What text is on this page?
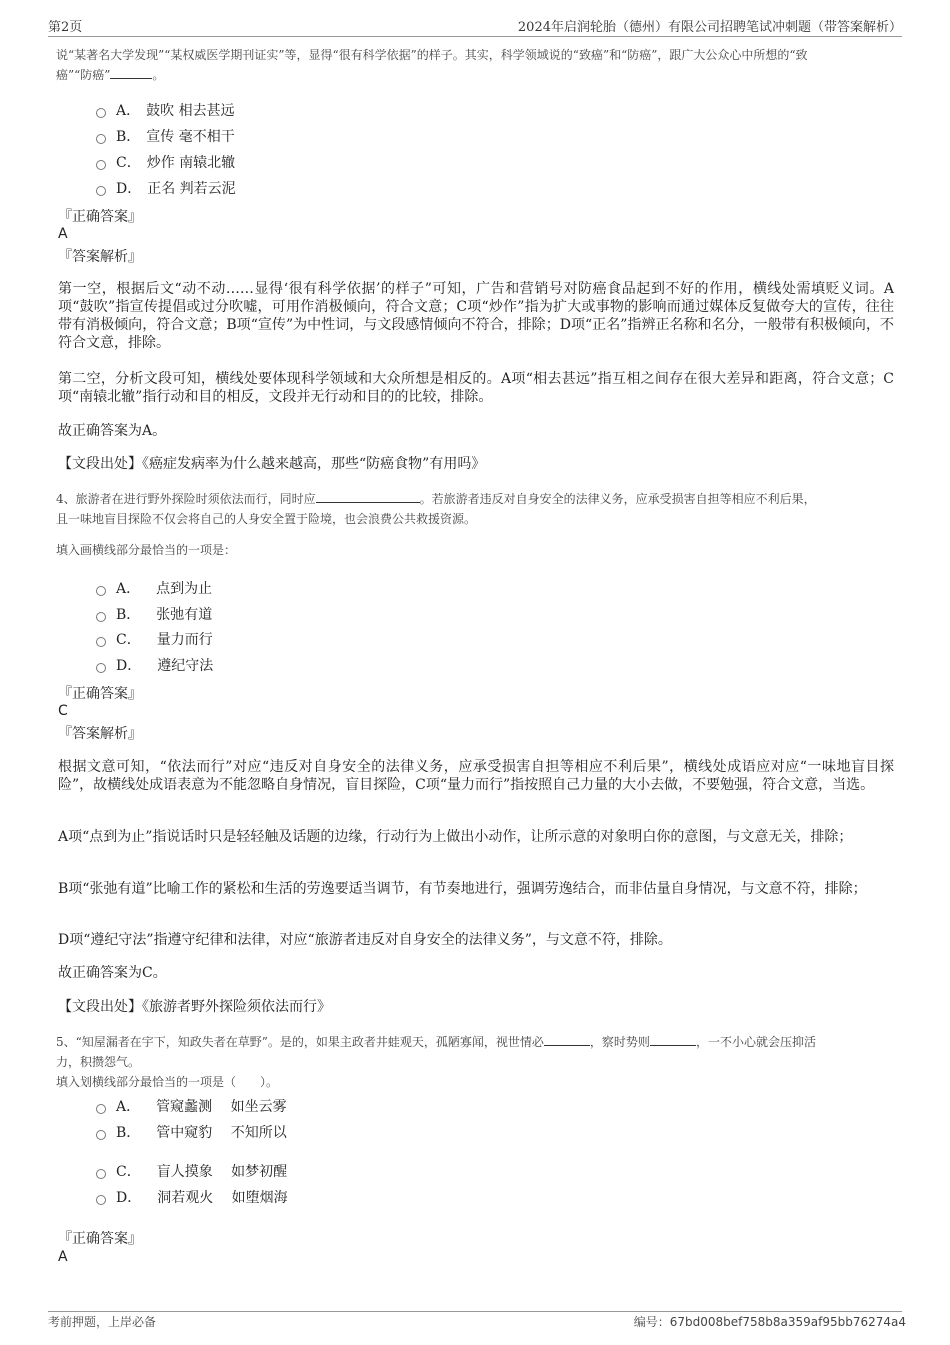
第2页	2024年启润轮胎（德州）有限公司招聘笔试冲刺题（带答案解析）
说“某著名大学发现”“某权威医学期刊证实”等，显得“很有科学依据”的样子。其实，科学领域说的“致癌”和“防癌”，跟广大公众心中所想的“致
癌”“防癌”	。
A． 鼓吹 相去甚远
B． 宣传 毫不相干
C． 炒作 南辕北辙
D． 正名 判若云泥
『正确答案』
A
『答案解析』
第一空，根据后文“动不动……显得‘很有科学依据’的样子”可知，广告和营销号对防癌食品起到不好的作用，横线处需填贬义词。A项“鼓吹”指宣传提倡或过分吹嘘，可用作消极倾向，符合文意；C项“炒作”指为扩大或事物的影响而通过媒体反复做夸大的宣传，往往带有消极倾向，符合文意；B项“宣传”为中性词，与文段感情倾向不符合，排除；D项“正名”指辨正名称和名分，一般带有积极倾向，不符合文意，排除。
第二空，分析文段可知，横线处要体现科学领域和大众所想是相反的。A项“相去甚远”指互相之间存在很大差异和距离，符合文意；C项“南辕北辙”指行动和目的相反，文段并无行动和目的的比较，排除。
故正确答案为A。
【文段出处】《癌症发病率为什么越来越高，那些“防癌食物”有用吗》
4、旅游者在进行野外探险时须依法而行，同时应	。若旅游者违反对自身安全的法律义务，应承受损害自担等相应不利后果，
且一味地盲目探险不仅会将自己的人身安全置于险境，也会浪费公共救援资源。
填入画横线部分最恰当的一项是：
A． 点到为止
B． 张弛有道
C． 量力而行
D． 遵纪守法
『正确答案』
C
『答案解析』
根据文意可知，“依法而行”对应“违反对自身安全的法律义务，应承受损害自担等相应不利后果”，横线处成语应对应“一味地盲目探险”，故横线处成语表意为不能忽略自身情况，盲目探险，C项“量力而行”指按照自己力量的大小去做，不要勉强，符合文意，当选。
A项“点到为止”指说话时只是轻轻触及话题的边缘，行动行为上做出小动作，让所示意的对象明白你的意图，与文意无关，排除；
B项“张弛有道”比喻工作的紧松和生活的劳逸要适当调节，有节奏地进行，强调劳逸结合，而非估量自身情况，与文意不符，排除；
D项“遵纪守法”指遵守纪律和法律，对应“旅游者违反对自身安全的法律义务”，与文意不符，排除。
故正确答案为C。
【文段出处】《旅游者野外探险须依法而行》
5、“知屋漏者在宇下，知政失者在草野”。是的，如果主政者井蛙观天，孤陋寡闻，视世情必	，察时势则	，一不小心就会压抑活
力，积攒怨气。
填入划横线部分最恰当的一项是（　　）。
A． 管窥蠡测　 如坐云雾
B． 管中窥豹　 不知所以
C． 盲人摸象　 如梦初醒
D． 洞若观火　 如堕烟海
『正确答案』
A
考前押题，上岸必备	编号：67bd008bef758b8a359af95bb76274a4
